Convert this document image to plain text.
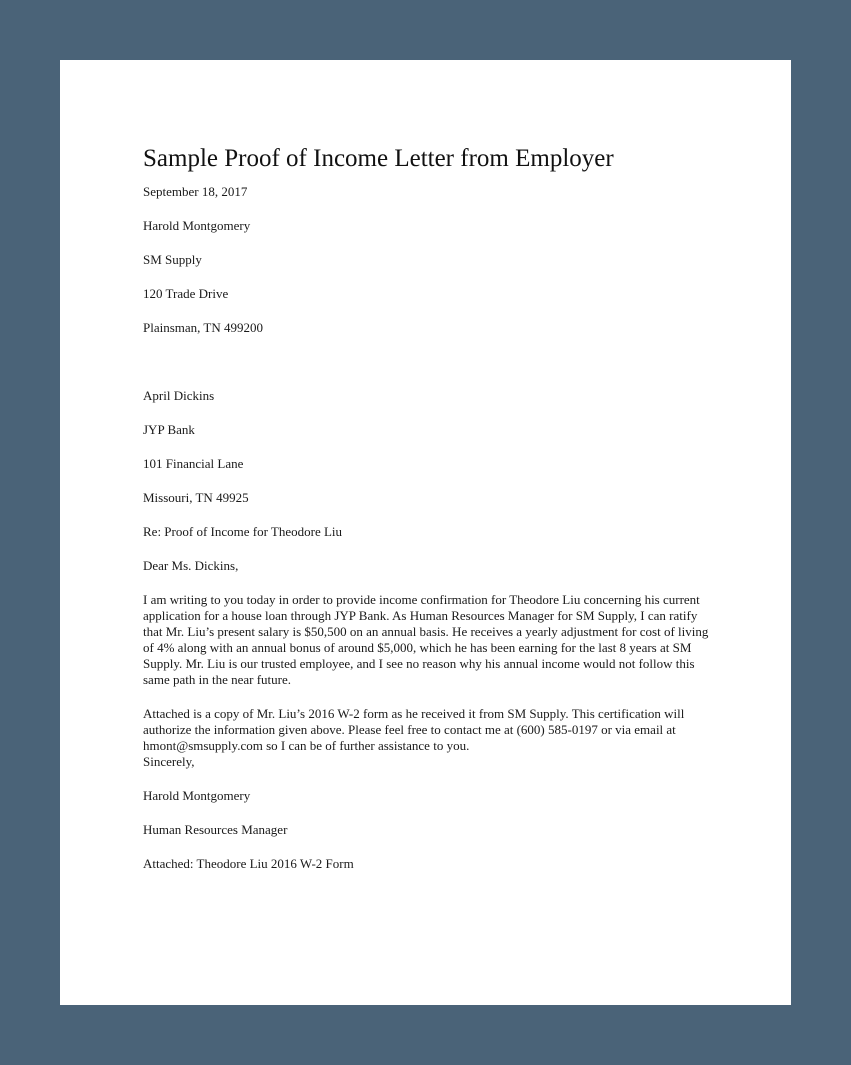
Sample Proof of Income Letter from Employer
September 18, 2017
Harold Montgomery
SM Supply
120 Trade Drive
Plainsman, TN 499200
April Dickins
JYP Bank
101 Financial Lane
Missouri, TN 49925
Re: Proof of Income for Theodore Liu
Dear Ms. Dickins,
I am writing to you today in order to provide income confirmation for Theodore Liu concerning his current application for a house loan through JYP Bank. As Human Resources Manager for SM Supply, I can ratify that Mr. Liu’s present salary is $50,500 on an annual basis. He receives a yearly adjustment for cost of living of 4% along with an annual bonus of around $5,000, which he has been earning for the last 8 years at SM Supply. Mr. Liu is our trusted employee, and I see no reason why his annual income would not follow this same path in the near future.
Attached is a copy of Mr. Liu’s 2016 W-2 form as he received it from SM Supply. This certification will authorize the information given above. Please feel free to contact me at (600) 585-0197 or via email at hmont@smsupply.com so I can be of further assistance to you.
Sincerely,
Harold Montgomery
Human Resources Manager
Attached: Theodore Liu 2016 W-2 Form
